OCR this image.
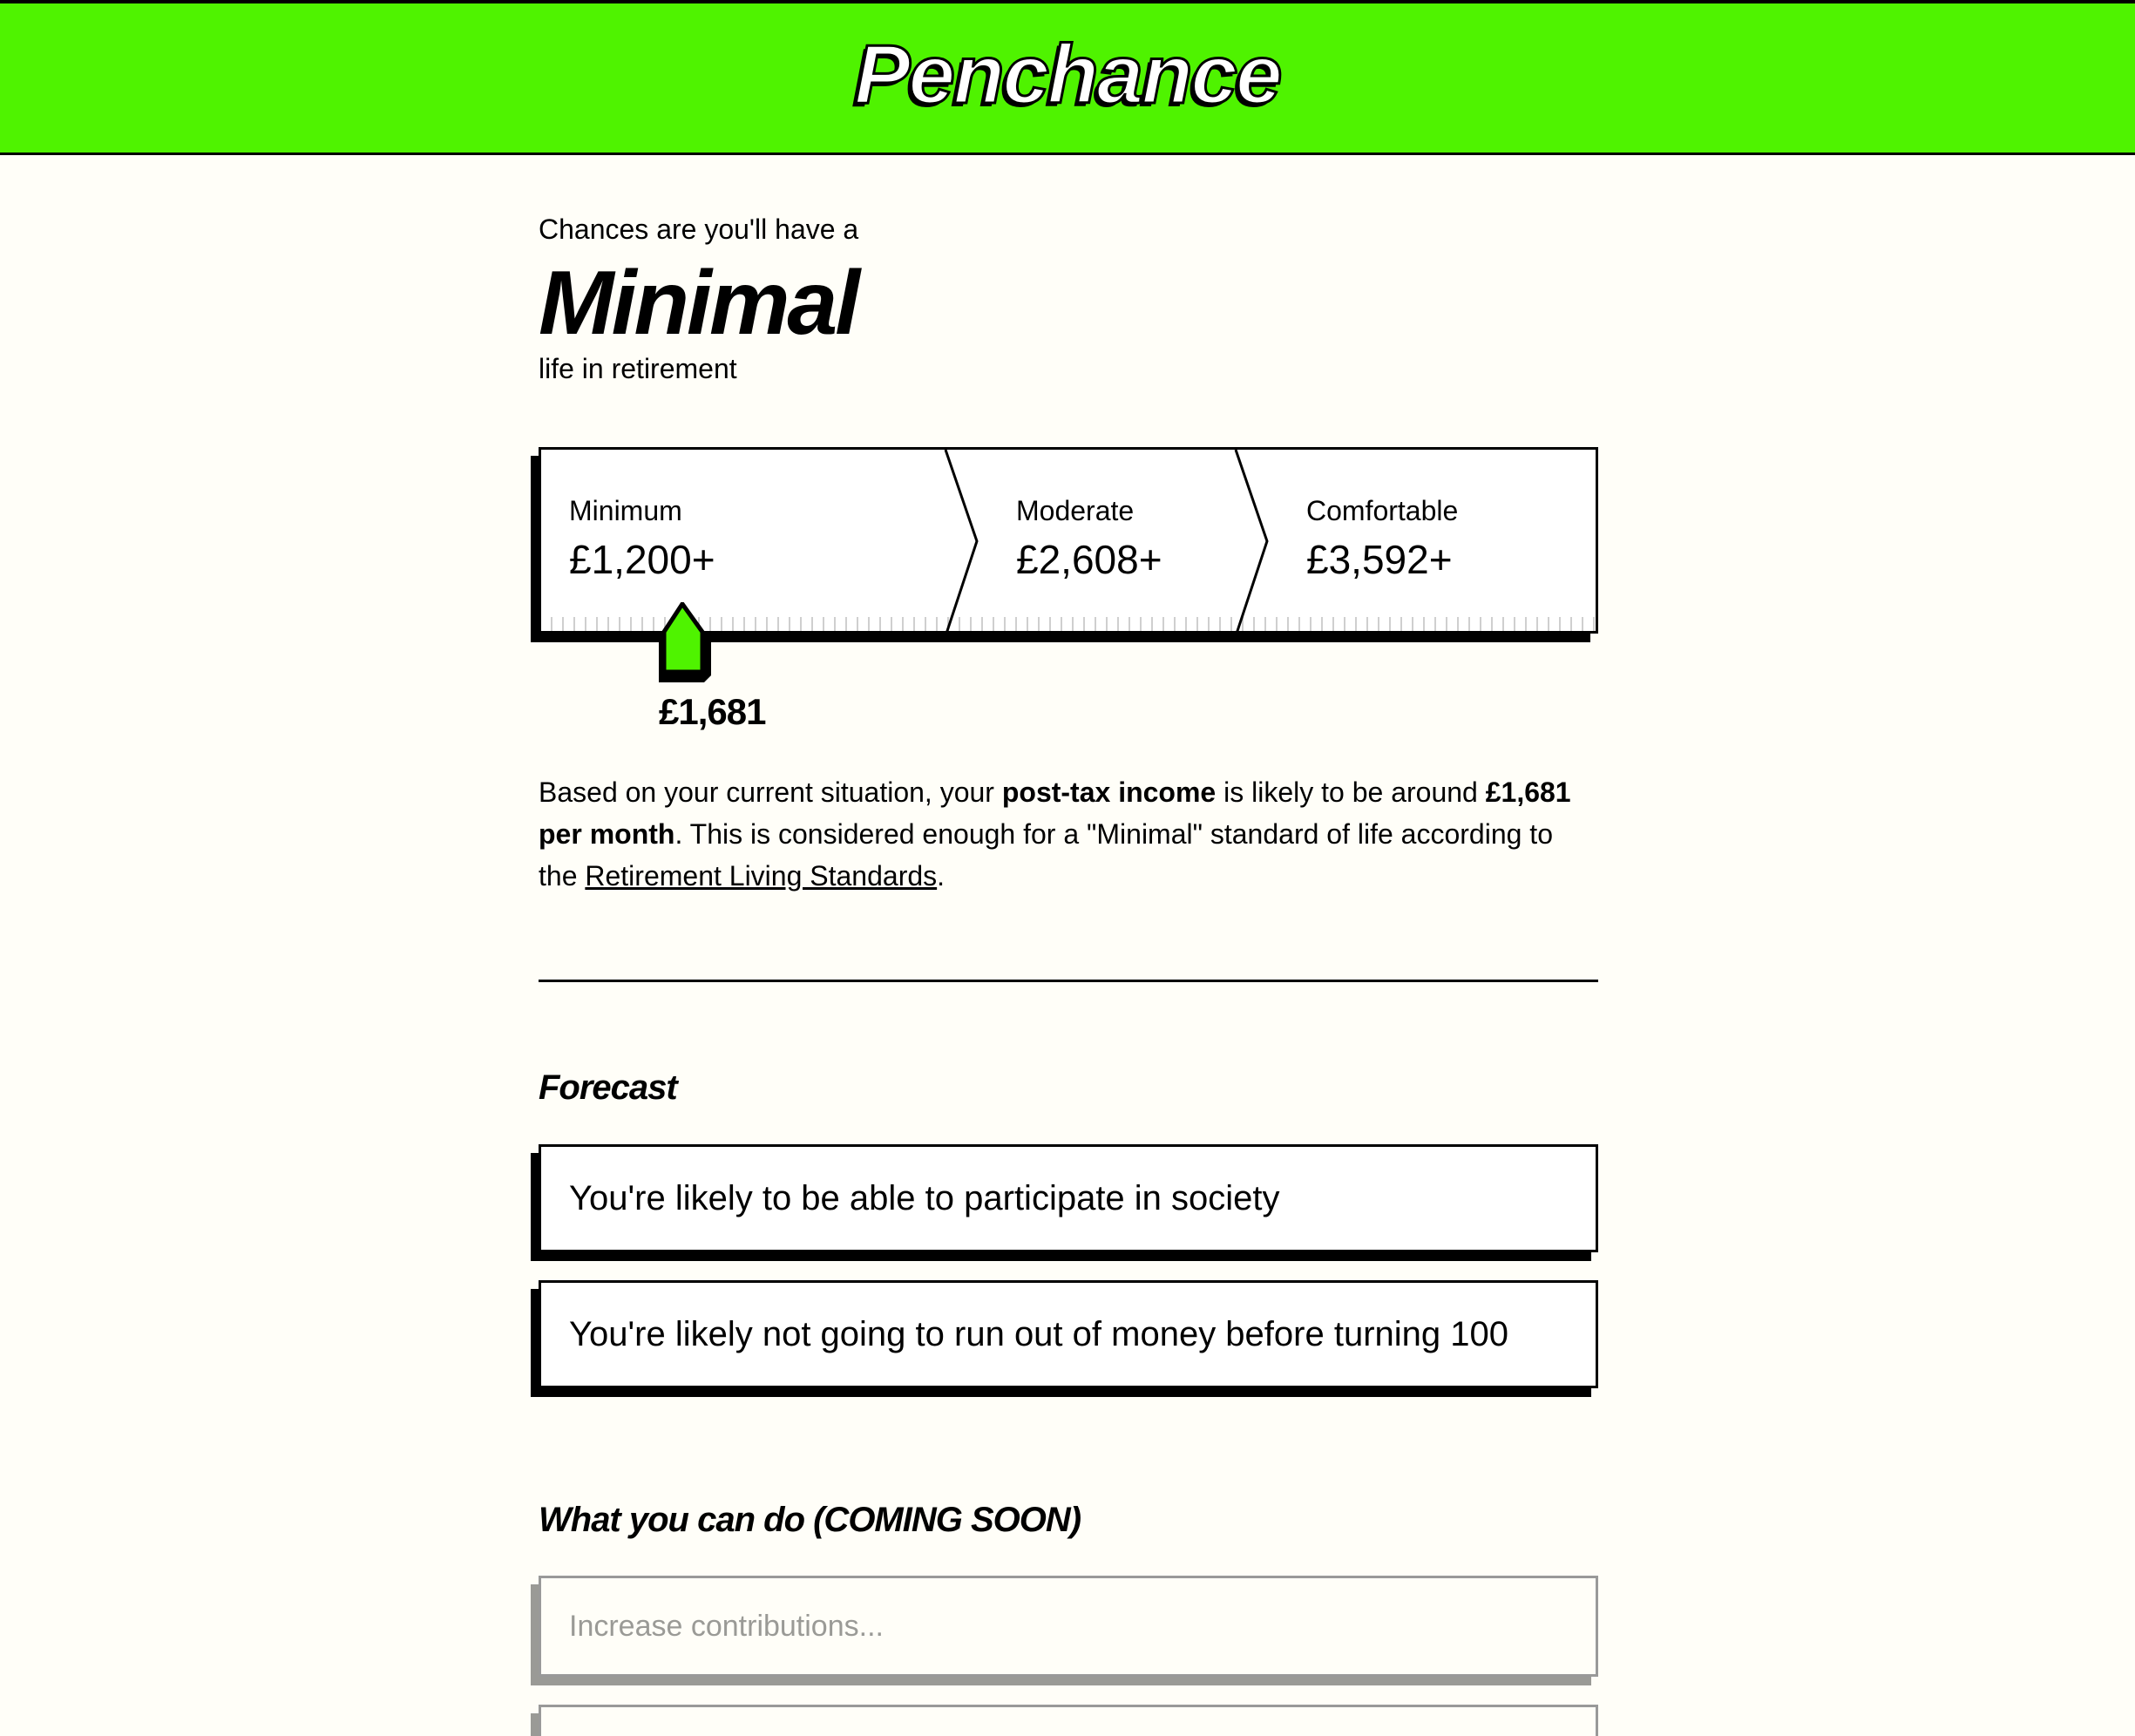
Penchance
Chances are you'll have a
Minimal
life in retirement
Minimum
£1,200+
Moderate
£2,608+
Comfortable
£3,592+
£1,681

Based on your current situation, your post-tax income is likely to be around £1,681 per month. This is considered enough for a "Minimal" standard of life according to the Retirement Living Standards.

Forecast
You're likely to be able to participate in society
You're likely not going to run out of money before turning 100
What you can do (COMING SOON)
Increase contributions...
